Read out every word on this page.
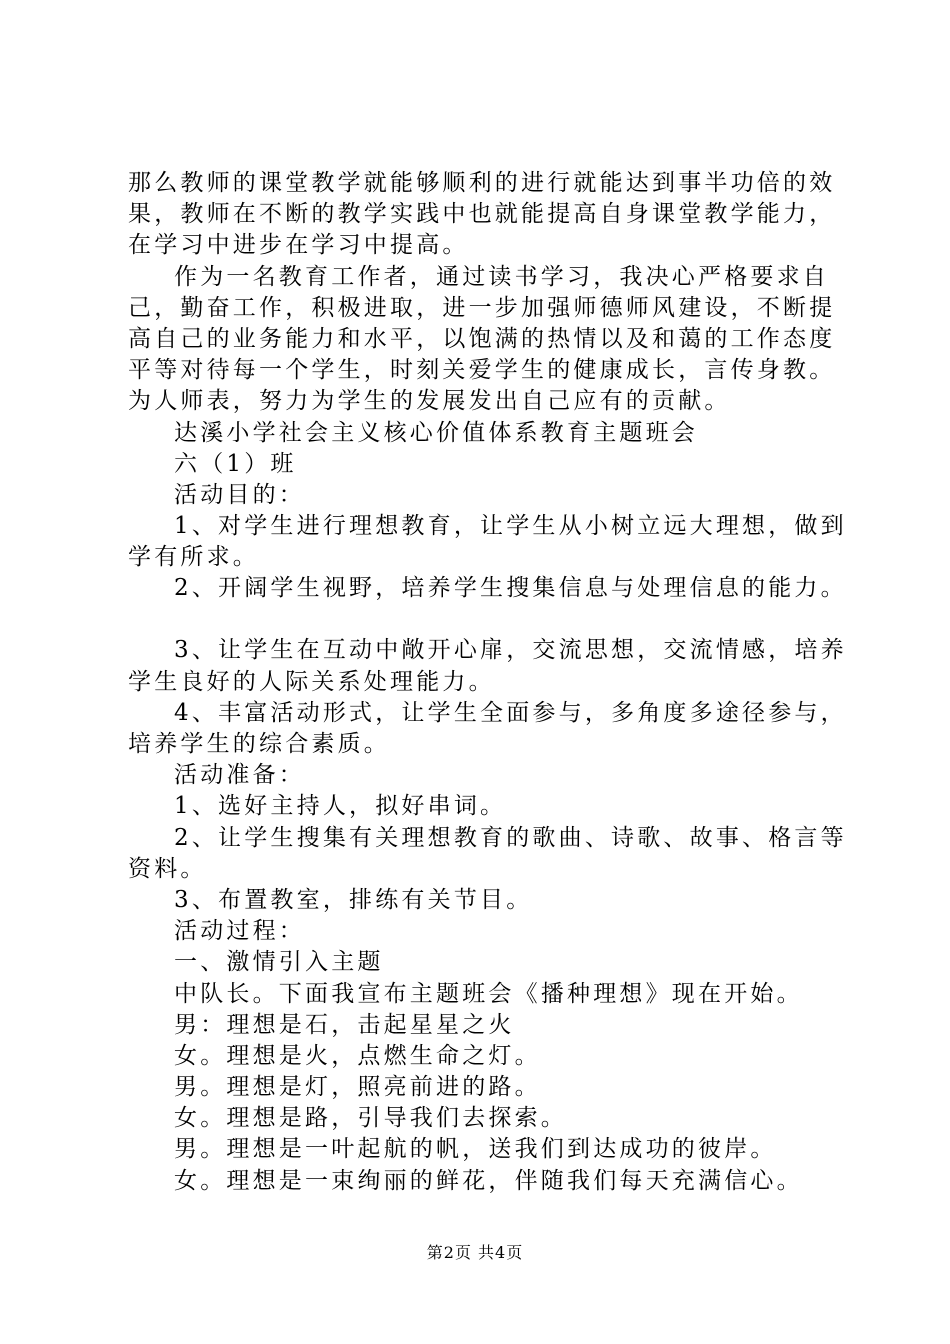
那么教师的课堂教学就能够顺利的进行就能达到事半功倍的效
果，教师在不断的教学实践中也就能提高自身课堂教学能力，
在学习中进步在学习中提高。
作为一名教育工作者，通过读书学习，我决心严格要求自
己，勤奋工作，积极进取，进一步加强师德师风建设，不断提
高自己的业务能力和水平，以饱满的热情以及和蔼的工作态度
平等对待每一个学生，时刻关爱学生的健康成长，言传身教。
为人师表，努力为学生的发展发出自己应有的贡献。
达溪小学社会主义核心价值体系教育主题班会
六（1）班
活动目的：
1、对学生进行理想教育，让学生从小树立远大理想，做到
学有所求。
2、开阔学生视野，培养学生搜集信息与处理信息的能力。
3、让学生在互动中敞开心扉，交流思想，交流情感，培养
学生良好的人际关系处理能力。
4、丰富活动形式，让学生全面参与，多角度多途径参与，
培养学生的综合素质。
活动准备：
1、选好主持人，拟好串词。
2、让学生搜集有关理想教育的歌曲、诗歌、故事、格言等
资料。
3、布置教室，排练有关节目。
活动过程：
一、激情引入主题
中队长。下面我宣布主题班会《播种理想》现在开始。
男：理想是石，击起星星之火
女。理想是火，点燃生命之灯。
男。理想是灯，照亮前进的路。
女。理想是路，引导我们去探索。
男。理想是一叶起航的帆，送我们到达成功的彼岸。
女。理想是一束绚丽的鲜花，伴随我们每天充满信心。
第2页 共4页
